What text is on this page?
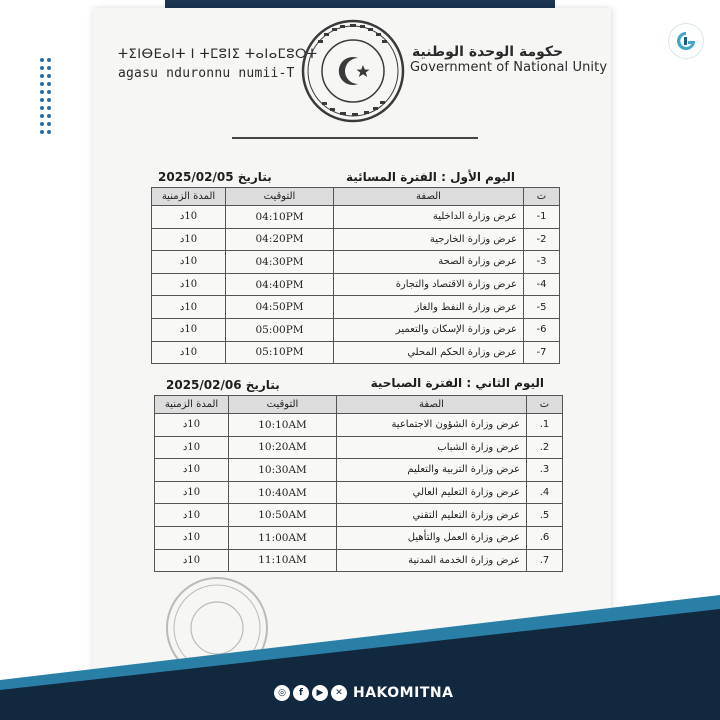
ⵜⵉⵏⴱⴹⴰⵏⵜ ⵏ ⵜⵎⵓⵏⵉ ⵜⴰⵏⴰⵎⵓⵔⵜ
agasu nduronnu numii-T
حكومة الوحدة الوطنية
Government of National Unity
اليوم الأول : الفترة المسائية
بتاريخ 2025/02/05
ت	الصفة	التوقيت	المدة الزمنية
1-	عرض وزارة الداخلية	04:10PM	10د
2-	عرض وزارة الخارجية	04:20PM	10د
3-	عرض وزارة الصحة	04:30PM	10د
4-	عرض وزارة الاقتصاد والتجارة	04:40PM	10د
5-	عرض وزارة النفط والغاز	04:50PM	10د
6-	عرض وزارة الإسكان والتعمير	05:00PM	10د
7-	عرض وزارة الحكم المحلي	05:10PM	10د
اليوم الثاني : الفترة الصباحية
بتاريخ 2025/02/06
ت	الصفة	التوقيت	المدة الزمنية
1.	عرض وزارة الشؤون الاجتماعية	10:10AM	10د
2.	عرض وزارة الشباب	10:20AM	10د
3.	عرض وزارة التربية والتعليم	10:30AM	10د
4.	عرض وزارة التعليم العالي	10:40AM	10د
5.	عرض وزارة التعليم التقني	10:50AM	10د
6.	عرض وزارة العمل والتأهيل	11:00AM	10د
7.	عرض وزارة الخدمة المدنية	11:10AM	10د
◎	f	▶	✕ HAKOMITNA
